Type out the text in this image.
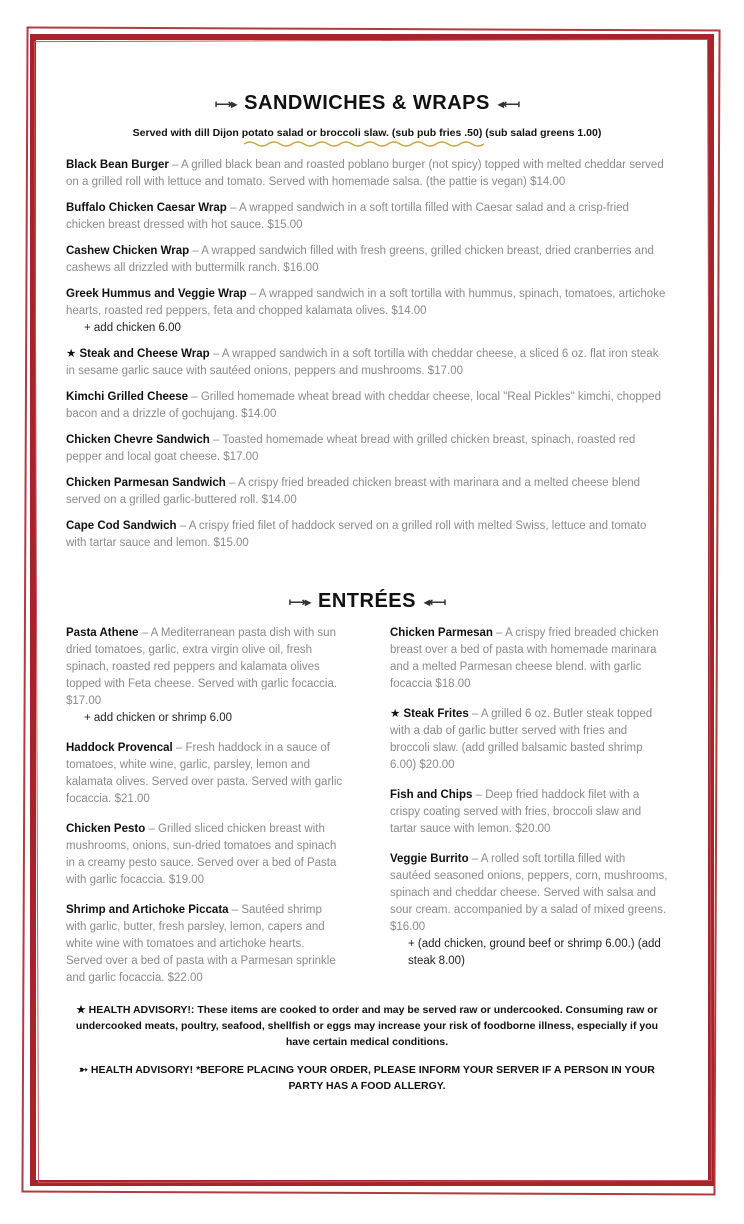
⟼▸ SANDWICHES & WRAPS ◂⟻
Served with dill Dijon potato salad or broccoli slaw. (sub pub fries .50) (sub salad greens 1.00)
Black Bean Burger – A grilled black bean and roasted poblano burger (not spicy) topped with melted cheddar served on a grilled roll with lettuce and tomato. Served with homemade salsa. (the pattie is vegan) $14.00
Buffalo Chicken Caesar Wrap – A wrapped sandwich in a soft tortilla filled with Caesar salad and a crisp-fried chicken breast dressed with hot sauce. $15.00
Cashew Chicken Wrap – A wrapped sandwich filled with fresh greens, grilled chicken breast, dried cranberries and cashews all drizzled with buttermilk ranch. $16.00
Greek Hummus and Veggie Wrap – A wrapped sandwich in a soft tortilla with hummus, spinach, tomatoes, artichoke hearts, roasted red peppers, feta and chopped kalamata olives. $14.00
+ add chicken 6.00
★ Steak and Cheese Wrap – A wrapped sandwich in a soft tortilla with cheddar cheese, a sliced 6 oz. flat iron steak in sesame garlic sauce with sautéed onions, peppers and mushrooms. $17.00
Kimchi Grilled Cheese – Grilled homemade wheat bread with cheddar cheese, local "Real Pickles" kimchi, chopped bacon and a drizzle of gochujang. $14.00
Chicken Chevre Sandwich – Toasted homemade wheat bread with grilled chicken breast, spinach, roasted red pepper and local goat cheese. $17.00
Chicken Parmesan Sandwich – A crispy fried breaded chicken breast with marinara and a melted cheese blend served on a grilled garlic-buttered roll. $14.00
Cape Cod Sandwich – A crispy fried filet of haddock served on a grilled roll with melted Swiss, lettuce and tomato with tartar sauce and lemon. $15.00
⟼▸ ENTRÉES ◂⟻
Pasta Athene – A Mediterranean pasta dish with sun dried tomatoes, garlic, extra virgin olive oil, fresh spinach, roasted red peppers and kalamata olives topped with Feta cheese. Served with garlic focaccia. $17.00
+ add chicken or shrimp 6.00
Haddock Provencal – Fresh haddock in a sauce of tomatoes, white wine, garlic, parsley, lemon and kalamata olives. Served over pasta. Served with garlic focaccia. $21.00
Chicken Pesto – Grilled sliced chicken breast with mushrooms, onions, sun-dried tomatoes and spinach in a creamy pesto sauce. Served over a bed of Pasta with garlic focaccia. $19.00
Shrimp and Artichoke Piccata – Sautéed shrimp with garlic, butter, fresh parsley, lemon, capers and white wine with tomatoes and artichoke hearts. Served over a bed of pasta with a Parmesan sprinkle and garlic focaccia. $22.00
Chicken Parmesan – A crispy fried breaded chicken breast over a bed of pasta with homemade marinara and a melted Parmesan cheese blend. with garlic focaccia $18.00
★ Steak Frites – A grilled 6 oz. Butler steak topped with a dab of garlic butter served with fries and broccoli slaw. (add grilled balsamic basted shrimp 6.00) $20.00
Fish and Chips – Deep fried haddock filet with a crispy coating served with fries, broccoli slaw and tartar sauce with lemon. $20.00
Veggie Burrito – A rolled soft tortilla filled with sautéed seasoned onions, peppers, corn, mushrooms, spinach and cheddar cheese. Served with salsa and sour cream. accompanied by a salad of mixed greens. $16.00
+ (add chicken, ground beef or shrimp 6.00.) (add steak 8.00)
★ HEALTH ADVISORY!: These items are cooked to order and may be served raw or undercooked. Consuming raw or undercooked meats, poultry, seafood, shellfish or eggs may increase your risk of foodborne illness, especially if you have certain medical conditions.
➳ HEALTH ADVISORY! *BEFORE PLACING YOUR ORDER, PLEASE INFORM YOUR SERVER IF A PERSON IN YOUR PARTY HAS A FOOD ALLERGY.
